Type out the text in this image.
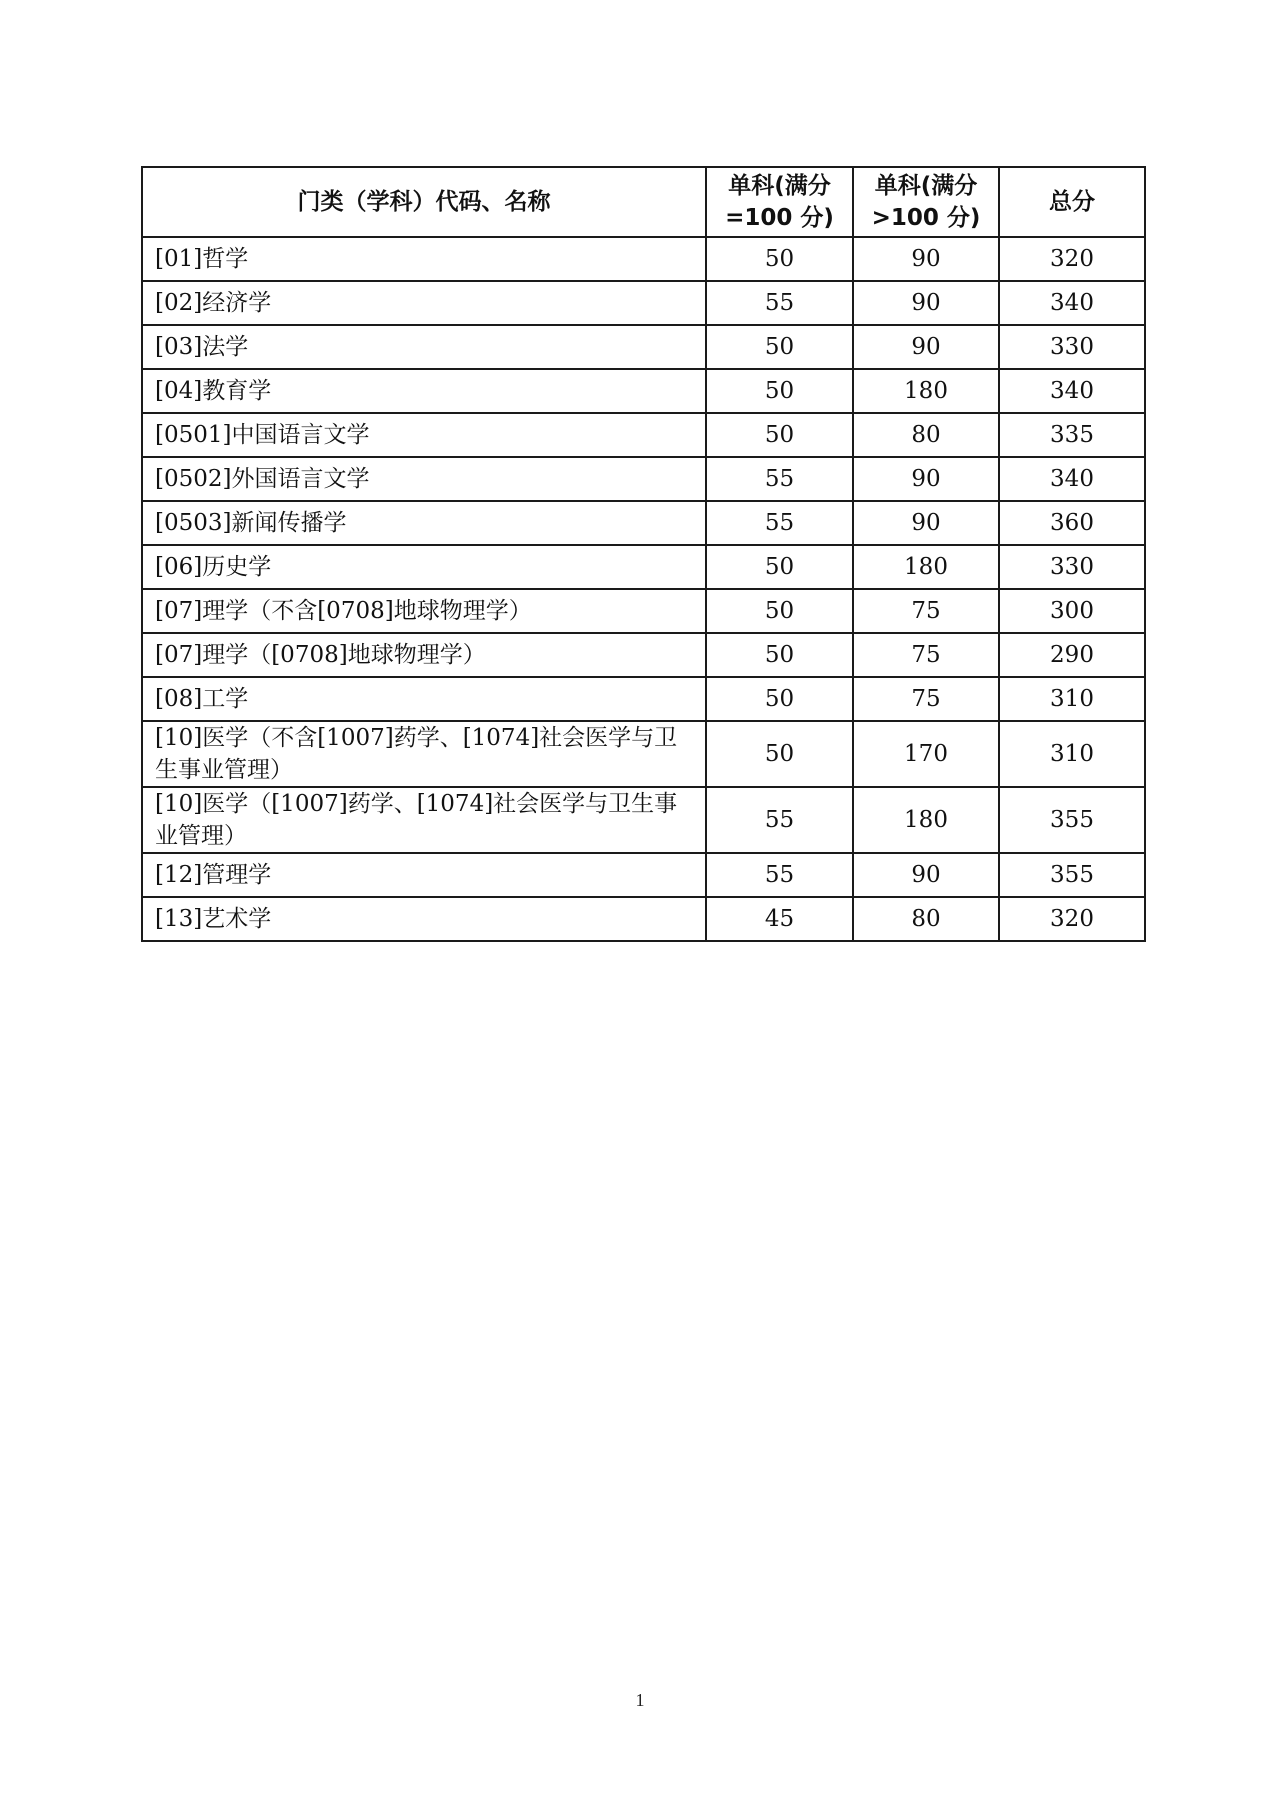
门类（学科）代码、名称	单科(满分=100 分)	单科(满分>100 分)	总分
[01]哲学	50	90	320
[02]经济学	55	90	340
[03]法学	50	90	330
[04]教育学	50	180	340
[0501]中国语言文学	50	80	335
[0502]外国语言文学	55	90	340
[0503]新闻传播学	55	90	360
[06]历史学	50	180	330
[07]理学（不含[0708]地球物理学）	50	75	300
[07]理学（[0708]地球物理学）	50	75	290
[08]工学	50	75	310
[10]医学（不含[1007]药学、[1074]社会医学与卫生事业管理）	50	170	310
[10]医学（[1007]药学、[1074]社会医学与卫生事业管理）	55	180	355
[12]管理学	55	90	355
[13]艺术学	45	80	320
1
